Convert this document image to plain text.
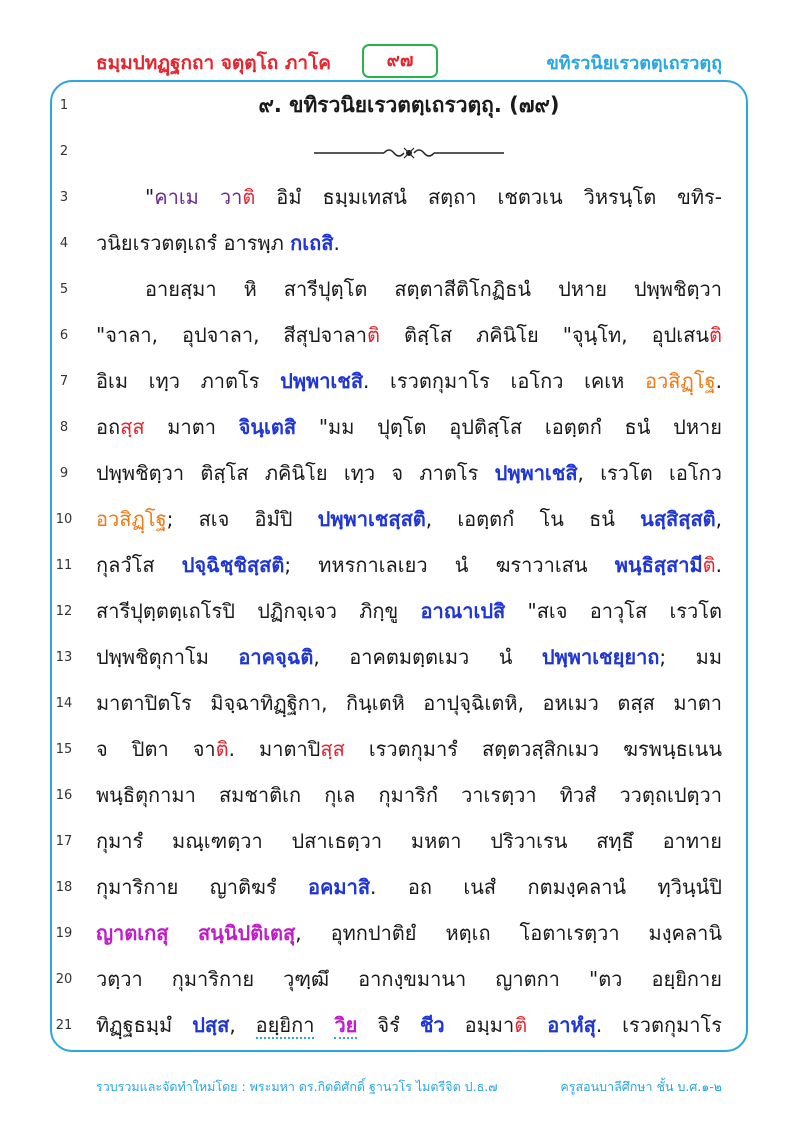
ธมฺมปทฏฺฐกถา จตุตฺโถ ภาโค	๙๗	ขทิรวนิยเรวตตฺเถรวตฺถุ
1	๙. ขทิรวนิยเรวตตฺเถรวตฺถุ. (๗๙)
2
3	"คาเม วาติ อิมํ ธมฺมเทสนํ สตฺถา เชตวเน วิหรนฺโต ขทิร-
4	วนิยเรวตตฺเถรํ อารพฺภ กเถสิ.
5	อายสฺมา หิ สารีปุตฺโต สตฺตาสีติโกฏิธนํ ปหาย ปพฺพชิตฺวา
6	"จาลา, อุปจาลา, สีสุปจาลาติ ติสฺโส ภคินิโย "จุนฺโท, อุปเสนติ
7	อิเม เทฺว ภาตโร ปพฺพาเชสิ. เรวตกุมาโร เอโกว เคเห อวสิฏฺโฐ.
8	อถสฺส มาตา จินฺเตสิ "มม ปุตฺโต อุปติสฺโส เอตฺตกํ ธนํ ปหาย
9	ปพฺพชิตฺวา ติสฺโส ภคินิโย เทฺว จ ภาตโร ปพฺพาเชสิ, เรวโต เอโกว
10	อวสิฏฺโฐ; สเจ อิมํปิ ปพฺพาเชสฺสติ, เอตฺตกํ โน ธนํ นสฺสิสฺสติ,
11	กุลวํโส ปจฺฉิชฺชิสฺสติ; ทหรกาเลเยว นํ ฆราวาเสน พนฺธิสฺสามีติ.
12	สารีปุตฺตตฺเถโรปิ ปฏิกจฺเจว ภิกฺขู อาณาเปสิ "สเจ อาวุโส เรวโต
13	ปพฺพชิตุกาโม อาคจฺฉติ, อาคตมตฺตเมว นํ ปพฺพาเชยฺยาถ; มม
14	มาตาปิตโร มิจฺฉาทิฏฺฐิกา, กินฺเตหิ อาปุจฺฉิเตหิ, อหเมว ตสฺส มาตา
15	จ ปิตา จาติ. มาตาปิสฺส เรวตกุมารํ สตฺตวสฺสิกเมว ฆรพนฺธเนน
16	พนฺธิตุกามา สมชาติเก กุเล กุมาริกํ วาเรตฺวา ทิวสํ ววตฺถเปตฺวา
17	กุมารํ มณฺเฑตฺวา ปสาเธตฺวา มหตา ปริวาเรน สทฺธึ อาทาย
18	กุมาริกาย ญาติฆรํ อคมาสิ. อถ เนสํ กตมงฺคลานํ ทฺวินฺนํปิ
19	ญาตเกสุ สนฺนิปติเตสุ, อุทกปาติยํ หตฺเถ โอตาเรตฺวา มงฺคลานิ
20	วตฺวา กุมาริกาย วุฑฺฒึ อากงฺขมานา ญาตกา "ตว อยฺยิกาย
21	ทิฏฺฐธมฺมํ ปสฺส, อยฺยิกา วิย จิรํ ชีว อมฺมาติ อาหํสุ. เรวตกุมาโร
รวบรวมและจัดทำใหม่โดย : พระมหา ดร.กิตติศักดิ์ ฐานวโร ไมตรีจิต ป.ธ.๗	ครูสอนบาลีศึกษา ชั้น บ.ศ.๑-๒
